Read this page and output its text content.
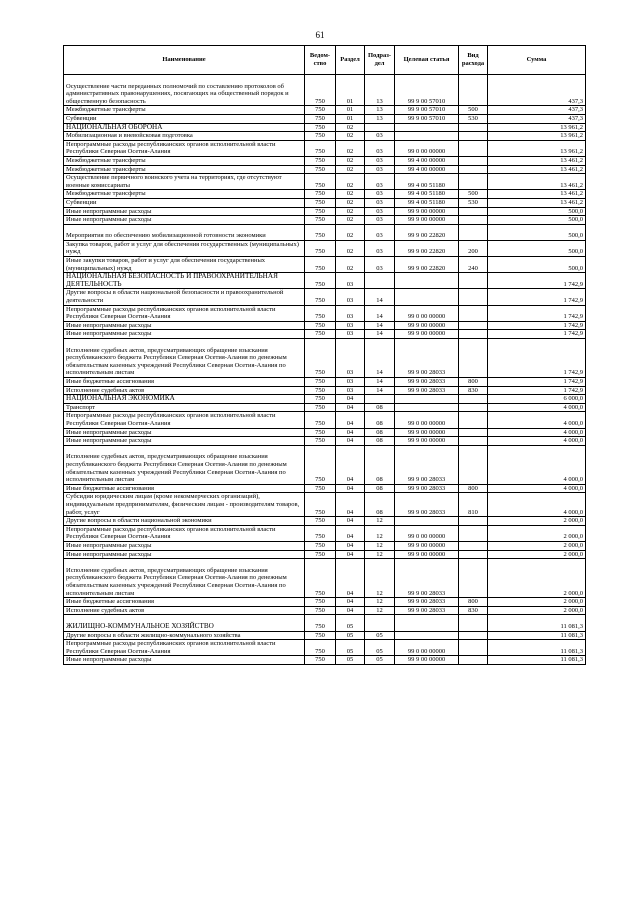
61
Наименование	Ведом-ство	Раздел	Подраз-дел	Целевая статья	Вид расхода	Сумма
Осуществление части переданных полномочий по составлению протоколов об административных правонарушениях, посягающих на общественный порядок и общественную безопасность	750	01	13	99 9 00 57010		437,3
Межбюджетные трансферты	750	01	13	99 9 00 57010	500	437,3
Субвенции	750	01	13	99 9 00 57010	530	437,3
НАЦИОНАЛЬНАЯ ОБОРОНА	750	02				13 961,2
Мобилизационная и вневойсковая подготовка	750	02	03			13 961,2
Непрограммные расходы республиканских органов исполнительной власти Республики Северная Осетия-Алания	750	02	03	99 0 00 00000		13 961,2
Межбюджетные трансферты	750	02	03	99 4 00 00000		13 461,2
Межбюджетные трансферты	750	02	03	99 4 00 00000		13 461,2
Осуществление первичного воинского учета на территориях, где отсутствуют военные комиссариаты	750	02	03	99 4 00 51180		13 461,2
Межбюджетные трансферты	750	02	03	99 4 00 51180	500	13 461,2
Субвенции	750	02	03	99 4 00 51180	530	13 461,2
Иные непрограммные расходы	750	02	03	99 9 00 00000		500,0
Иные непрограммные расходы	750	02	03	99 9 00 00000		500,0
Мероприятия по обеспечению мобилизационной готовности экономики	750	02	03	99 9 00 22820		500,0
Закупка товаров, работ и услуг для обеспечения государственных (муниципальных) нужд	750	02	03	99 9 00 22820	200	500,0
Иные закупки товаров, работ и услуг для обеспечения государственных (муниципальных) нужд	750	02	03	99 9 00 22820	240	500,0
НАЦИОНАЛЬНАЯ БЕЗОПАСНОСТЬ И ПРАВООХРАНИТЕЛЬНАЯ ДЕЯТЕЛЬНОСТЬ	750	03				1 742,9
Другие вопросы в области национальной безопасности и правоохранительной деятельности	750	03	14			1 742,9
Непрограммные расходы республиканских органов исполнительной власти Республики Северная Осетия-Алания	750	03	14	99 0 00 00000		1 742,9
Иные непрограммные расходы	750	03	14	99 9 00 00000		1 742,9
Иные непрограммные расходы	750	03	14	99 9 00 00000		1 742,9
Исполнение судебных актов, предусматривающих обращение взыскания республиканского бюджета Республики Северная Осетия-Алания по денежным обязательствам казенных учреждений Республики Северная Осетия-Алания по исполнительным листам	750	03	14	99 9 00 28033		1 742,9
Иные бюджетные ассигнования	750	03	14	99 9 00 28033	800	1 742,9
Исполнение судебных актов	750	03	14	99 9 00 28033	830	1 742,9
НАЦИОНАЛЬНАЯ ЭКОНОМИКА	750	04				6 000,0
Транспорт	750	04	08			4 000,0
Непрограммные расходы республиканских органов исполнительной власти Республики Северная Осетия-Алания	750	04	08	99 0 00 00000		4 000,0
Иные непрограммные расходы	750	04	08	99 9 00 00000		4 000,0
Иные непрограммные расходы	750	04	08	99 9 00 00000		4 000,0
Исполнение судебных актов, предусматривающих обращение взыскания республиканского бюджета Республики Северная Осетия-Алания по денежным обязательствам казенных учреждений Республики Северная Осетия-Алания по исполнительным листам	750	04	08	99 9 00 28033		4 000,0
Иные бюджетные ассигнования	750	04	08	99 9 00 28033	800	4 000,0
Субсидии юридическим лицам (кроме некоммерческих организаций), индивидуальным предпринимателям, физическим лицам - производителям товаров, работ, услуг	750	04	08	99 9 00 28033	810	4 000,0
Другие вопросы в области национальной экономики	750	04	12			2 000,0
Непрограммные расходы республиканских органов исполнительной власти Республики Северная Осетия-Алания	750	04	12	99 0 00 00000		2 000,0
Иные непрограммные расходы	750	04	12	99 9 00 00000		2 000,0
Иные непрограммные расходы	750	04	12	99 9 00 00000		2 000,0
Исполнение судебных актов, предусматривающих обращение взыскания республиканского бюджета Республики Северная Осетия-Алания по денежным обязательствам казенных учреждений Республики Северная Осетия-Алания по исполнительным листам	750	04	12	99 9 00 28033		2 000,0
Иные бюджетные ассигнования	750	04	12	99 9 00 28033	800	2 000,0
Исполнение судебных актов	750	04	12	99 9 00 28033	830	2 000,0
ЖИЛИЩНО-КОММУНАЛЬНОЕ ХОЗЯЙСТВО	750	05				11 081,3
Другие вопросы в области жилищно-коммунального хозяйства	750	05	05			11 081,3
Непрограммные расходы республиканских органов исполнительной власти Республики Северная Осетия-Алания	750	05	05	99 0 00 00000		11 081,3
Иные непрограммные расходы	750	05	05	99 9 00 00000		11 081,3
